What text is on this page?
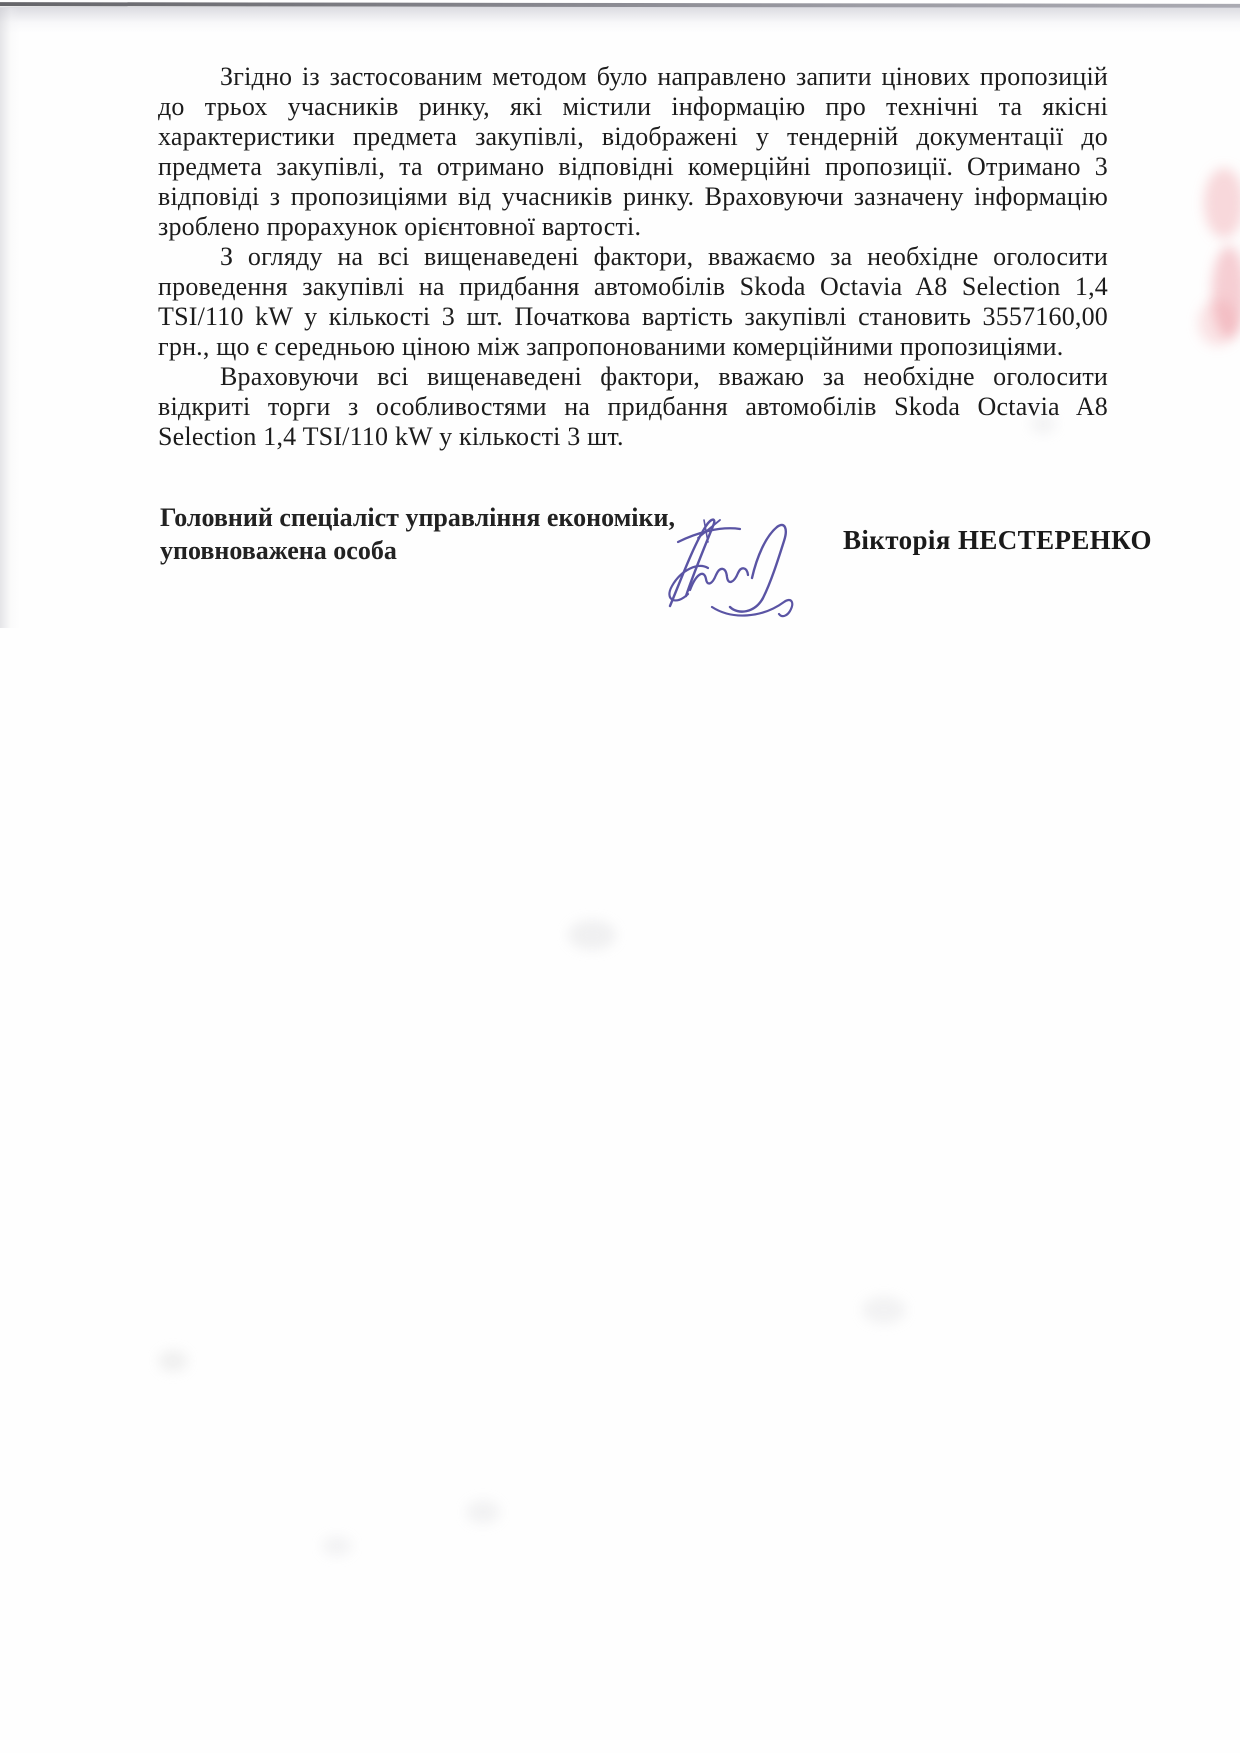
Згідно із застосованим методом було направлено запити цінових пропозицій до трьох учасників ринку, які містили інформацію про технічні та якісні характеристики предмета закупівлі, відображені у тендерній документації до предмета закупівлі, та отримано відповідні комерційні пропозиції. Отримано 3 відповіді з пропозиціями від учасників ринку. Враховуючи зазначену інформацію зроблено прорахунок орієнтовної вартості.

З огляду на всі вищенаведені фактори, вважаємо за необхідне оголосити проведення закупівлі на придбання автомобілів Skoda Octavia A8 Selection 1,4 TSI/110 kW у кількості 3 шт. Початкова вартість закупівлі становить 3557160,00 грн., що є середньою ціною між запропонованими комерційними пропозиціями.

Враховуючи всі вищенаведені фактори, вважаю за необхідне оголосити відкриті торги з особливостями на придбання автомобілів Skoda Octavia A8 Selection 1,4 TSI/110 kW у кількості 3 шт.

Головний спеціаліст управління економіки,
уповноважена особа	Вікторія НЕСТЕРЕНКО
